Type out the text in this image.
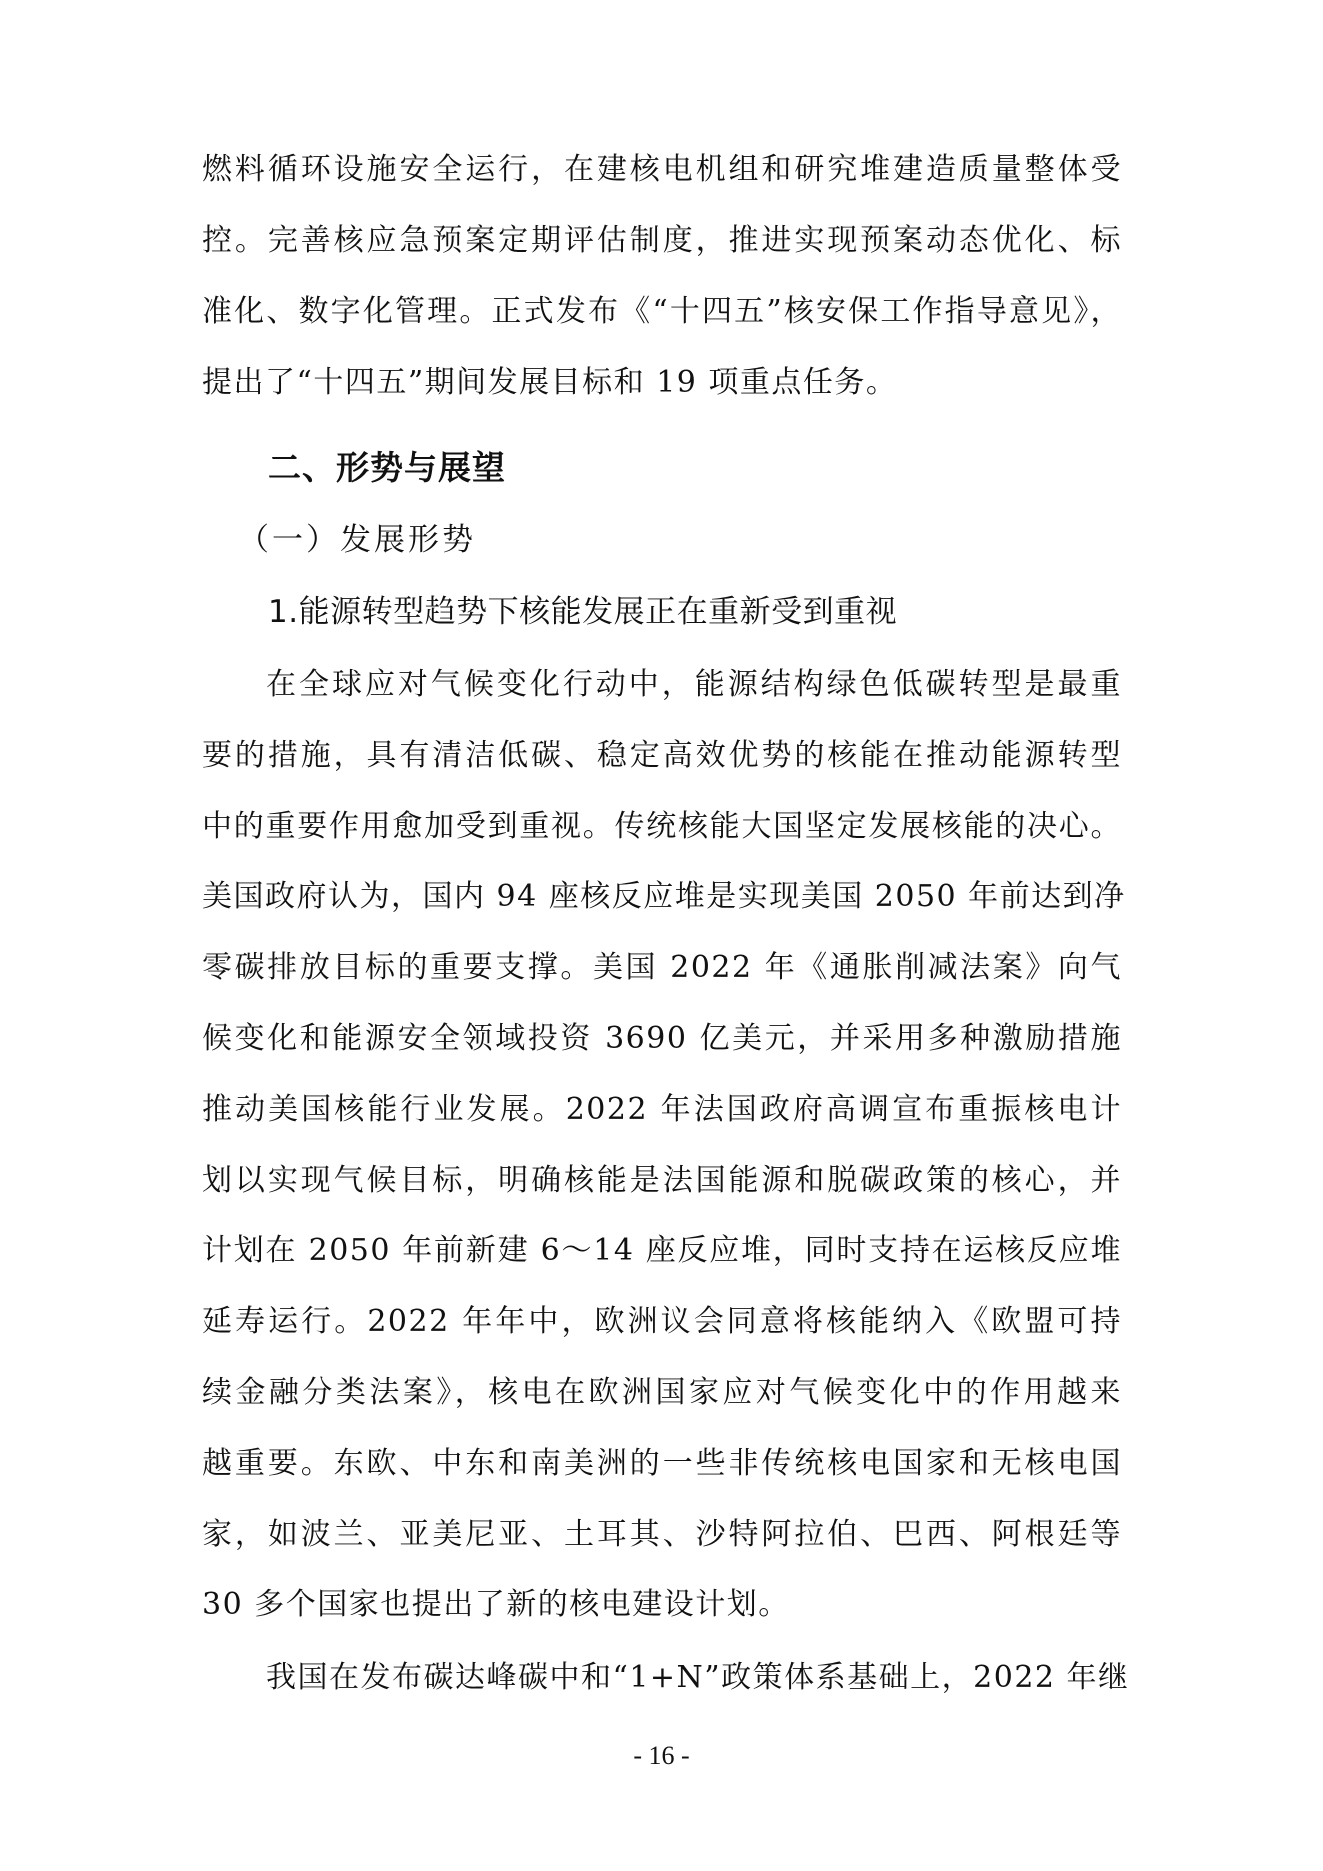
燃料循环设施安全运行，在建核电机组和研究堆建造质量整体受
控。完善核应急预案定期评估制度，推进实现预案动态优化、标
准化、数字化管理。正式发布《“十四五”核安保工作指导意见》，
提出了“十四五”期间发展目标和 19 项重点任务。
二、形势与展望
（一）发展形势
1.能源转型趋势下核能发展正在重新受到重视
在全球应对气候变化行动中，能源结构绿色低碳转型是最重
要的措施，具有清洁低碳、稳定高效优势的核能在推动能源转型
中的重要作用愈加受到重视。传统核能大国坚定发展核能的决心。
美国政府认为，国内 94 座核反应堆是实现美国 2050 年前达到净
零碳排放目标的重要支撑。美国 2022 年《通胀削减法案》向气
候变化和能源安全领域投资 3690 亿美元，并采用多种激励措施
推动美国核能行业发展。2022 年法国政府高调宣布重振核电计
划以实现气候目标，明确核能是法国能源和脱碳政策的核心，并
计划在 2050 年前新建 6～14 座反应堆，同时支持在运核反应堆
延寿运行。2022 年年中，欧洲议会同意将核能纳入《欧盟可持
续金融分类法案》，核电在欧洲国家应对气候变化中的作用越来
越重要。东欧、中东和南美洲的一些非传统核电国家和无核电国
家，如波兰、亚美尼亚、土耳其、沙特阿拉伯、巴西、阿根廷等
30 多个国家也提出了新的核电建设计划。
我国在发布碳达峰碳中和“1+N”政策体系基础上，2022 年继
- 16 -
